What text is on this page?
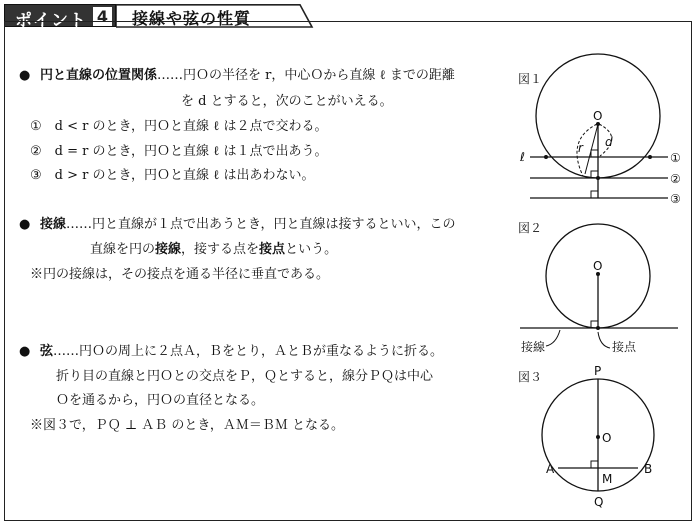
ポイント 4 接線や弦の性質
● 円と直線の位置関係……円Ｏの半径を r，中心Ｏから直線 ℓ までの距離
を d とすると，次のことがいえる。
①　 d < r のとき，円Ｏと直線 ℓ は２点で交わる。
②　 d = r のとき，円Ｏと直線 ℓ は１点で出あう。
③　 d > r のとき，円Ｏと直線 ℓ は出あわない。
● 接線……円と直線が１点で出あうとき，円と直線は接するといい，この
直線を円の接線，接する点を接点という。
※円の接線は，その接点を通る半径に垂直である。
● 弦……円Ｏの周上に２点Ａ，Ｂをとり，ＡとＢが重なるように折る。
折り目の直線と円Ｏとの交点をＰ，Ｑとすると，線分ＰＱは中心
Ｏを通るから，円Ｏの直径となる。
※図３で，ＰＱ ⊥ ＡＢ のとき，ＡＭ＝ＢＭ となる。
図１
図２
図３
O
r d
ℓ	①
②
③
O
接線	接点
P
O
A	B
M
Q
